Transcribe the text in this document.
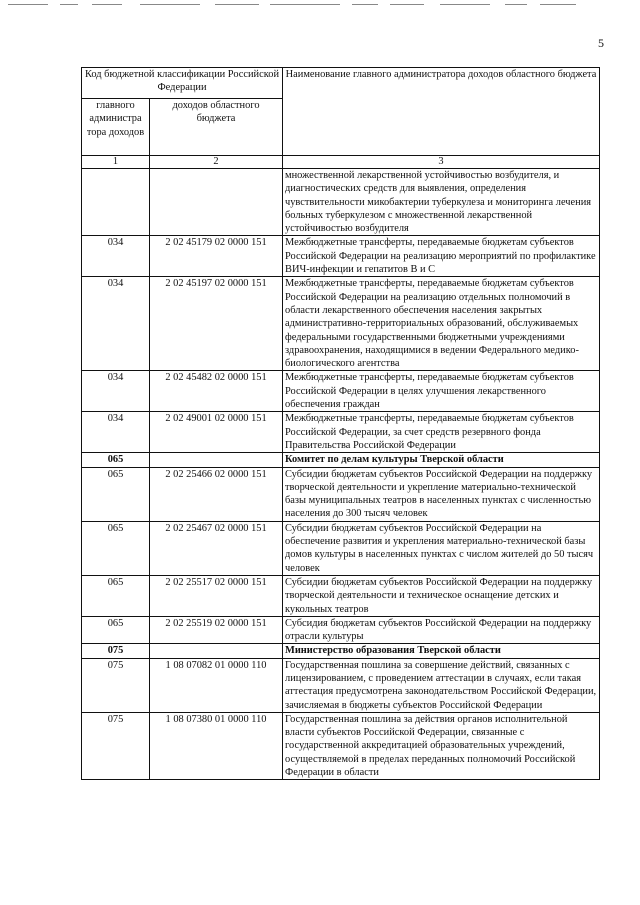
5
Код бюджетной классификации Российской Федерации		Наименование главного администратора доходов областного бюджета
главного администра тора доходов	доходов областного бюджета	
1	2	3
		множественной лекарственной устойчивостью возбудителя, и диагностических средств для выявления, определения чувствительности микобактерии туберкулеза и мониторинга лечения больных туберкулезом с множественной лекарственной устойчивостью возбудителя
034	2 02 45179 02 0000 151	Межбюджетные трансферты, передаваемые бюджетам субъектов Российской Федерации на реализацию мероприятий по профилактике ВИЧ-инфекции и гепатитов B и C
034	2 02 45197 02 0000 151	Межбюджетные трансферты, передаваемые бюджетам субъектов Российской Федерации на реализацию отдельных полномочий в области лекарственного обеспечения населения закрытых административно-территориальных образований, обслуживаемых федеральными государственными бюджетными учреждениями здравоохранения, находящимися в ведении Федерального медико-биологического агентства
034	2 02 45482 02 0000 151	Межбюджетные трансферты, передаваемые бюджетам субъектов Российской Федерации в целях улучшения лекарственного обеспечения граждан
034	2 02 49001 02 0000 151	Межбюджетные трансферты, передаваемые бюджетам субъектов Российской Федерации, за счет средств резервного фонда Правительства Российской Федерации
065		Комитет по делам культуры Тверской области
065	2 02 25466 02 0000 151	Субсидии бюджетам субъектов Российской Федерации на поддержку творческой деятельности и укрепление материально-технической базы муниципальных театров в населенных пунктах с численностью населения до 300 тысяч человек
065	2 02 25467 02 0000 151	Субсидии бюджетам субъектов Российской Федерации на обеспечение развития и укрепления материально-технической базы домов культуры в населенных пунктах с числом жителей до 50 тысяч человек
065	2 02 25517 02 0000 151	Субсидии бюджетам субъектов Российской Федерации на поддержку творческой деятельности и техническое оснащение детских и кукольных театров
065	2 02 25519 02 0000 151	Субсидия бюджетам субъектов Российской Федерации на поддержку отрасли культуры
075		Министерство образования Тверской области
075	1 08 07082 01 0000 110	Государственная пошлина за совершение действий, связанных с лицензированием, с проведением аттестации в случаях, если такая аттестация предусмотрена законодательством Российской Федерации, зачисляемая в бюджеты субъектов Российской Федерации
075	1 08 07380 01 0000 110	Государственная пошлина за действия органов исполнительной власти субъектов Российской Федерации, связанные с государственной аккредитацией образовательных учреждений, осуществляемой в пределах переданных полномочий Российской Федерации в области
